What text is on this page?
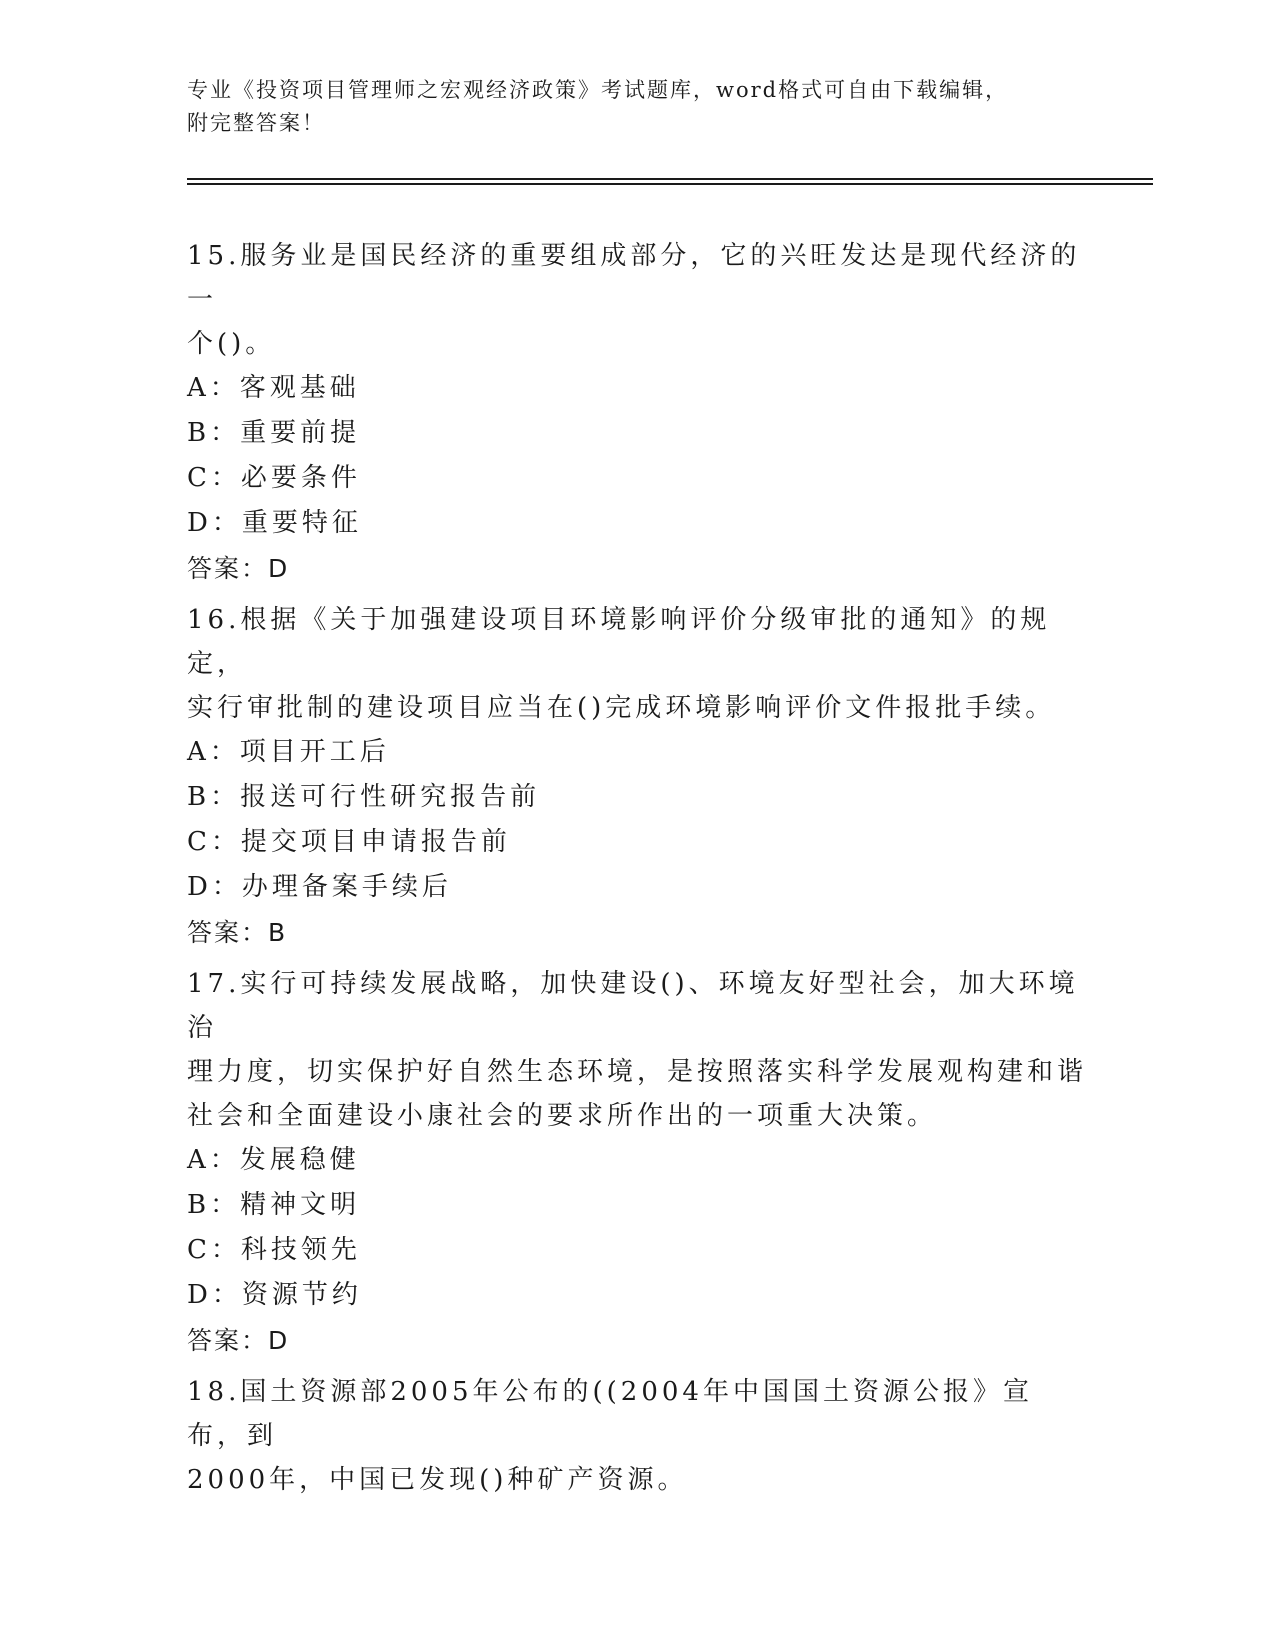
专业《投资项目管理师之宏观经济政策》考试题库，word格式可自由下载编辑，
附完整答案！
15.服务业是国民经济的重要组成部分，它的兴旺发达是现代经济的一
个()。
A：客观基础
B：重要前提
C：必要条件
D：重要特征
答案：D
16.根据《关于加强建设项目环境影响评价分级审批的通知》的规定，
实行审批制的建设项目应当在()完成环境影响评价文件报批手续。
A：项目开工后
B：报送可行性研究报告前
C：提交项目申请报告前
D：办理备案手续后
答案：B
17.实行可持续发展战略，加快建设()、环境友好型社会，加大环境治
理力度，切实保护好自然生态环境，是按照落实科学发展观构建和谐
社会和全面建设小康社会的要求所作出的一项重大决策。
A：发展稳健
B：精神文明
C：科技领先
D：资源节约
答案：D
18.国土资源部2005年公布的((2004年中国国土资源公报》宣布，到
2000年，中国已发现()种矿产资源。
